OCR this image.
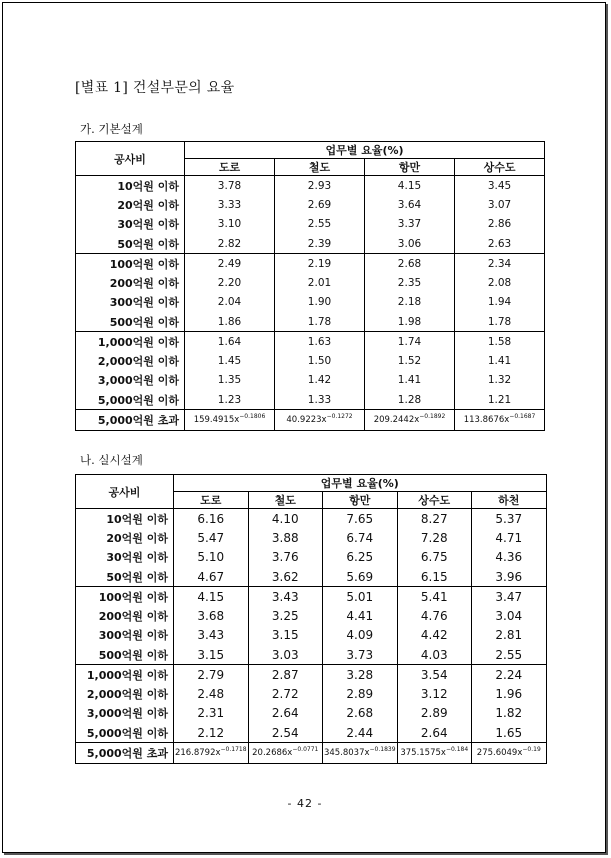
[별표 1] 건설부문의 요율
가. 기본설계
공사비	업무별 요율(%)			
	도로	철도	항만	상수도
10억원 이하	3.78	2.93	4.15	3.45
20억원 이하	3.33	2.69	3.64	3.07
30억원 이하	3.10	2.55	3.37	2.86
50억원 이하	2.82	2.39	3.06	2.63
100억원 이하	2.49	2.19	2.68	2.34
200억원 이하	2.20	2.01	2.35	2.08
300억원 이하	2.04	1.90	2.18	1.94
500억원 이하	1.86	1.78	1.98	1.78
1,000억원 이하	1.64	1.63	1.74	1.58
2,000억원 이하	1.45	1.50	1.52	1.41
3,000억원 이하	1.35	1.42	1.41	1.32
5,000억원 이하	1.23	1.33	1.28	1.21
5,000억원 초과	$159.4915x^{-0.1806}$	$40.9223x^{-0.1272}$	$209.2442x^{-0.1892}$	$113.8676x^{-0.1687}$
나. 실시설계
공사비	업무별 요율(%)				
	도로	철도	항만	상수도	하천
10억원 이하	6.16	4.10	7.65	8.27	5.37
20억원 이하	5.47	3.88	6.74	7.28	4.71
30억원 이하	5.10	3.76	6.25	6.75	4.36
50억원 이하	4.67	3.62	5.69	6.15	3.96
100억원 이하	4.15	3.43	5.01	5.41	3.47
200억원 이하	3.68	3.25	4.41	4.76	3.04
300억원 이하	3.43	3.15	4.09	4.42	2.81
500억원 이하	3.15	3.03	3.73	4.03	2.55
1,000억원 이하	2.79	2.87	3.28	3.54	2.24
2,000억원 이하	2.48	2.72	2.89	3.12	1.96
3,000억원 이하	2.31	2.64	2.68	2.89	1.82
5,000억원 이하	2.12	2.54	2.44	2.64	1.65
5,000억원 초과	$216.8792x^{-0.1718}$	$20.2686x^{-0.0771}$	$345.8037x^{-0.1839}$	$375.1575x^{-0.184}$	$275.6049x^{-0.19}$
- 42 -
